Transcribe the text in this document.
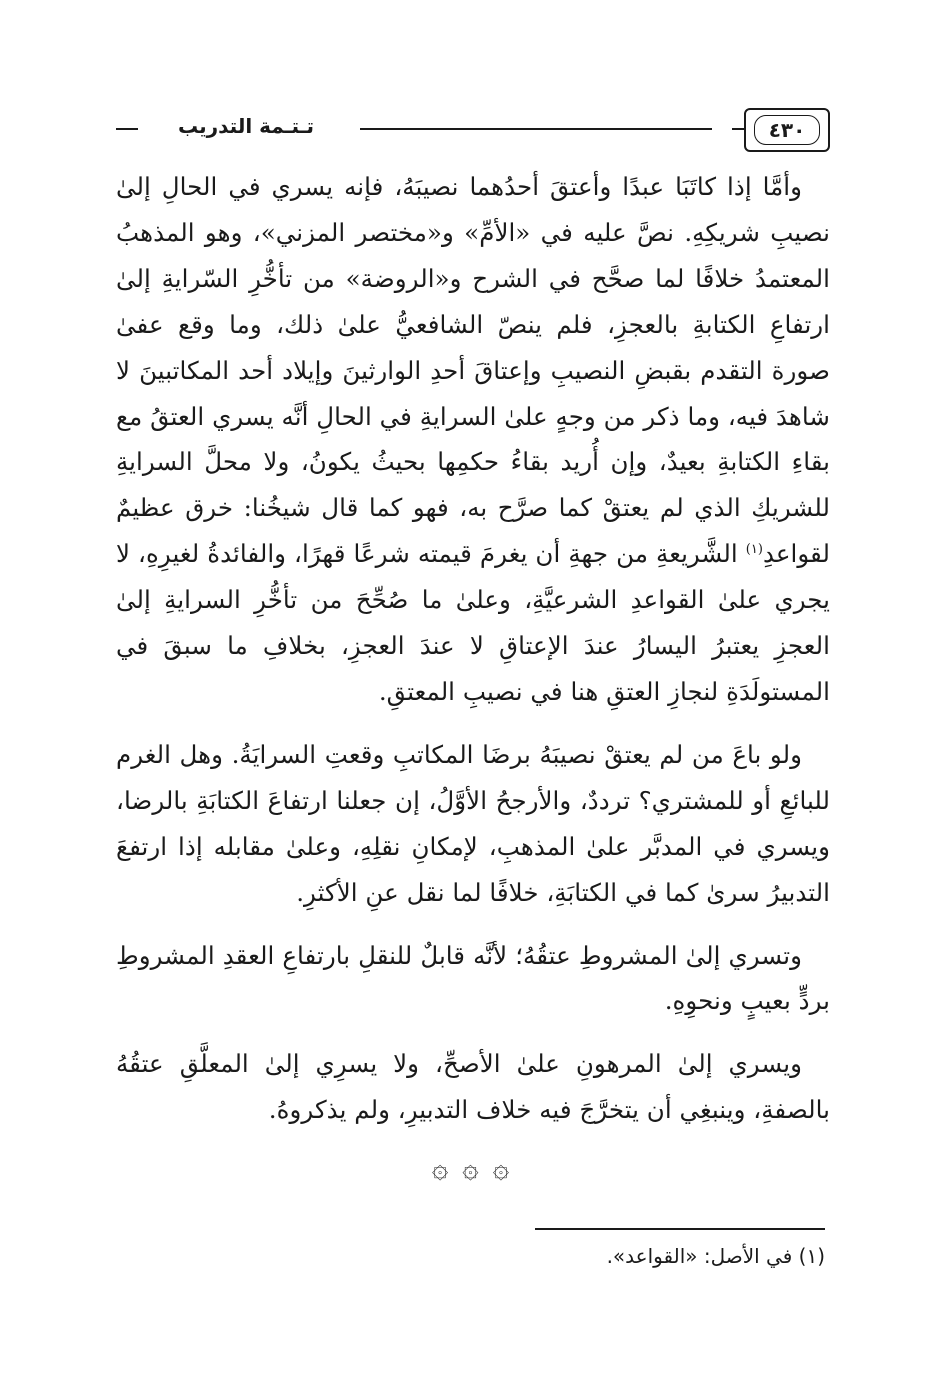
٤٣٠
تـتـمة التدريب

وأمَّا إذا كاتَبَا عبدًا وأعتقَ أحدُهما نصيبَهُ، فإنه يسري في الحالِ إلىٰ نصيبِ شريكِهِ. نصَّ عليه في «الأمِّ» و«مختصر المزني»، وهو المذهبُ المعتمدُ خلافًا لما صحَّح في الشرح و«الروضة» من تأخُّرِ السّرايةِ إلىٰ ارتفاعِ الكتابةِ بالعجزِ، فلم ينصّ الشافعيُّ علىٰ ذلك، وما وقع عفىٰ صورة التقدم بقبضِ النصيبِ وإعتاقَ أحدِ الوارثينَ وإيلاد أحد المكاتبينَ لا شاهدَ فيه، وما ذكر من وجهٍ علىٰ السرايةِ في الحالِ أنَّه يسري العتقُ مع بقاءِ الكتابةِ بعيدٌ، وإن أُريد بقاءُ حكمِها بحيثُ يكونُ، ولا محلَّ السرايةِ للشريكِ الذي لم يعتقْ كما صرَّح به، فهو كما قال شيخُنا: خرق عظيمٌ لقواعدِ$^{(١)}$ الشَّريعةِ من جهةِ أن يغرمَ قيمته شرعًا قهرًا، والفائدةُ لغيرِهِ، لا يجري علىٰ القواعدِ الشرعيَّةِ، وعلىٰ ما صُحِّحَ من تأخُّرِ السرايةِ إلىٰ العجزِ يعتبرُ اليسارُ عندَ الإعتاقِ لا عندَ العجزِ، بخلافِ ما سبقَ في المستولَدَةِ لنجازِ العتقِ هنا في نصيبِ المعتقِ.

ولو باعَ من لم يعتقْ نصيبَهُ برضَا المكاتبِ وقعتِ السرايَةُ. وهل الغرم للبائعِ أو للمشتري؟ ترددٌ، والأرجحُ الأوَّلُ، إن جعلنا ارتفاعَ الكتابَةِ بالرضا، ويسري في المدبَّر علىٰ المذهبِ، لإمكانِ نقلِهِ، وعلىٰ مقابله إذا ارتفعَ التدبيرُ سرىٰ كما في الكتابَةِ، خلافًا لما نقل عنِ الأكثرِ.

وتسري إلىٰ المشروطِ عتقُهُ؛ لأنَّه قابلٌ للنقلِ بارتفاعِ العقدِ المشروطِ بردٍّ بعيبٍ ونحوِهِ.

ويسري إلىٰ المرهونِ علىٰ الأصحِّ، ولا يسرِي إلىٰ المعلَّقِ عتقُهُ بالصفةِ، وينبغِي أن يتخرَّجَ فيه خلاف التدبيرِ، ولم يذكروهُ.

۞ ۞ ۞
(١) في الأصل: «القواعد».
